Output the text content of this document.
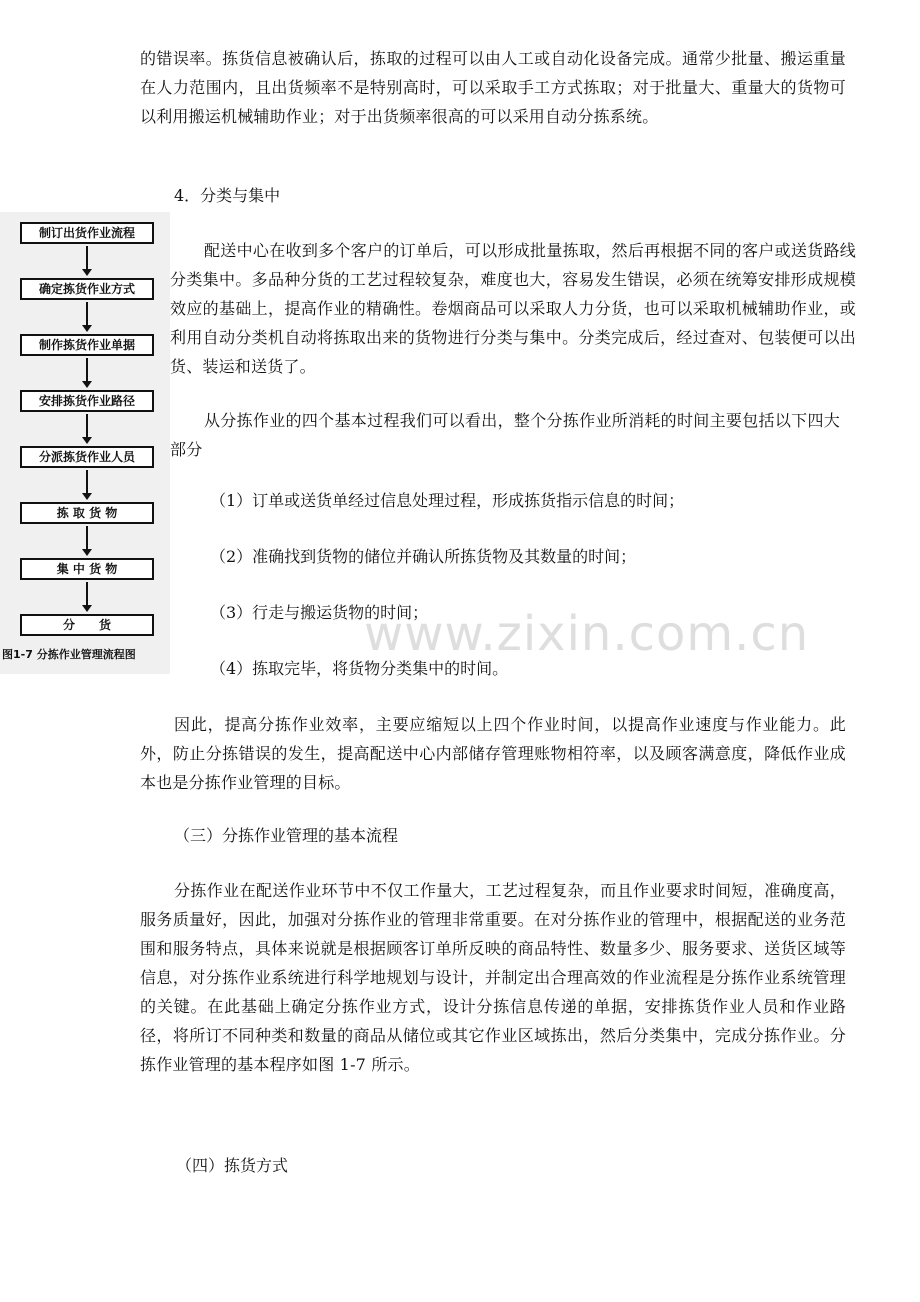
的错误率。拣货信息被确认后，拣取的过程可以由人工或自动化设备完成。通常少批量、搬运重量在人力范围内，且出货频率不是特别高时，可以采取手工方式拣取；对于批量大、重量大的货物可以利用搬运机械辅助作业；对于出货频率很高的可以采用自动分拣系统。

4．分类与集中

制订出货作业流程
确定拣货作业方式
制作拣货作业单据
安排拣货作业路径
分派拣货作业人员
拣 取 货 物
集 中 货 物
分　　货
图1-7 分拣作业管理流程图

配送中心在收到多个客户的订单后，可以形成批量拣取，然后再根据不同的客户或送货路线分类集中。多品种分货的工艺过程较复杂，难度也大，容易发生错误，必须在统筹安排形成规模效应的基础上，提高作业的精确性。卷烟商品可以采取人力分货，也可以采取机械辅助作业，或利用自动分类机自动将拣取出来的货物进行分类与集中。分类完成后，经过查对、包装便可以出货、装运和送货了。

从分拣作业的四个基本过程我们可以看出，整个分拣作业所消耗的时间主要包括以下四大部分

（1）订单或送货单经过信息处理过程，形成拣货指示信息的时间；

（2）准确找到货物的储位并确认所拣货物及其数量的时间；

（3）行走与搬运货物的时间；

（4）拣取完毕，将货物分类集中的时间。

www.zixin.com.cn

因此，提高分拣作业效率，主要应缩短以上四个作业时间，以提高作业速度与作业能力。此外，防止分拣错误的发生，提高配送中心内部储存管理账物相符率，以及顾客满意度，降低作业成本也是分拣作业管理的目标。

（三）分拣作业管理的基本流程

分拣作业在配送作业环节中不仅工作量大，工艺过程复杂，而且作业要求时间短，准确度高，服务质量好，因此，加强对分拣作业的管理非常重要。在对分拣作业的管理中，根据配送的业务范围和服务特点，具体来说就是根据顾客订单所反映的商品特性、数量多少、服务要求、送货区域等信息，对分拣作业系统进行科学地规划与设计，并制定出合理高效的作业流程是分拣作业系统管理的关键。在此基础上确定分拣作业方式，设计分拣信息传递的单据，安排拣货作业人员和作业路径，将所订不同种类和数量的商品从储位或其它作业区域拣出，然后分类集中，完成分拣作业。分拣作业管理的基本程序如图 1-7 所示。

（四）拣货方式
